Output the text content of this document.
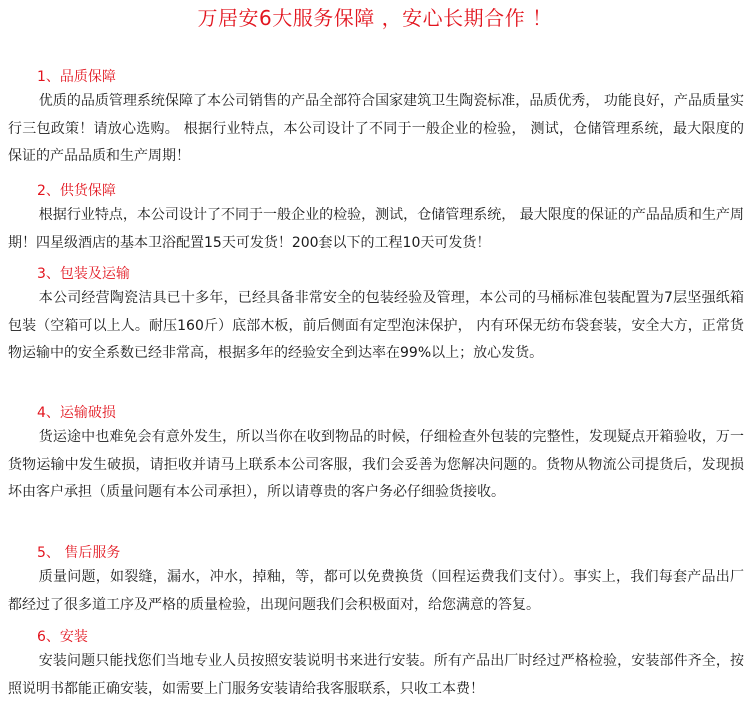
万居安6大服务保障 ，安心长期合作 ！
1、品质保障

优质的品质管理系统保障了本公司销售的产品全部符合国家建筑卫生陶瓷标准，品质优秀， 功能良好，产品质量实行三包政策！请放心选购。 根据行业特点，本公司设计了不同于一般企业的检验， 测试，仓储管理系统，最大限度的保证的产品品质和生产周期！

2、供货保障

根据行业特点，本公司设计了不同于一般企业的检验，测试，仓储管理系统， 最大限度的保证的产品品质和生产周期！四星级酒店的基本卫浴配置15天可发货！200套以下的工程10天可发货！

3、包装及运输

本公司经营陶瓷洁具已十多年，已经具备非常安全的包装经验及管理，本公司的马桶标准包装配置为7层坚强纸箱包装（空箱可以上人。耐压160斤）底部木板，前后侧面有定型泡沫保护， 内有环保无纺布袋套装，安全大方，正常货物运输中的安全系数已经非常高，根据多年的经验安全到达率在99%以上；放心发货。

4、运输破损

货运途中也难免会有意外发生，所以当你在收到物品的时候，仔细检查外包装的完整性，发现疑点开箱验收，万一货物运输中发生破损，请拒收并请马上联系本公司客服，我们会妥善为您解决问题的。货物从物流公司提货后，发现损坏由客户承担（质量问题有本公司承担），所以请尊贵的客户务必仔细验货接收。

5、 售后服务

质量问题，如裂缝，漏水，冲水，掉釉，等，都可以免费换货（回程运费我们支付）。事实上，我们每套产品出厂都经过了很多道工序及严格的质量检验，出现问题我们会积极面对，给您满意的答复。

6、安装

安装问题只能找您们当地专业人员按照安装说明书来进行安装。所有产品出厂时经过严格检验，安装部件齐全，按照说明书都能正确安装，如需要上门服务安装请给我客服联系，只收工本费！
